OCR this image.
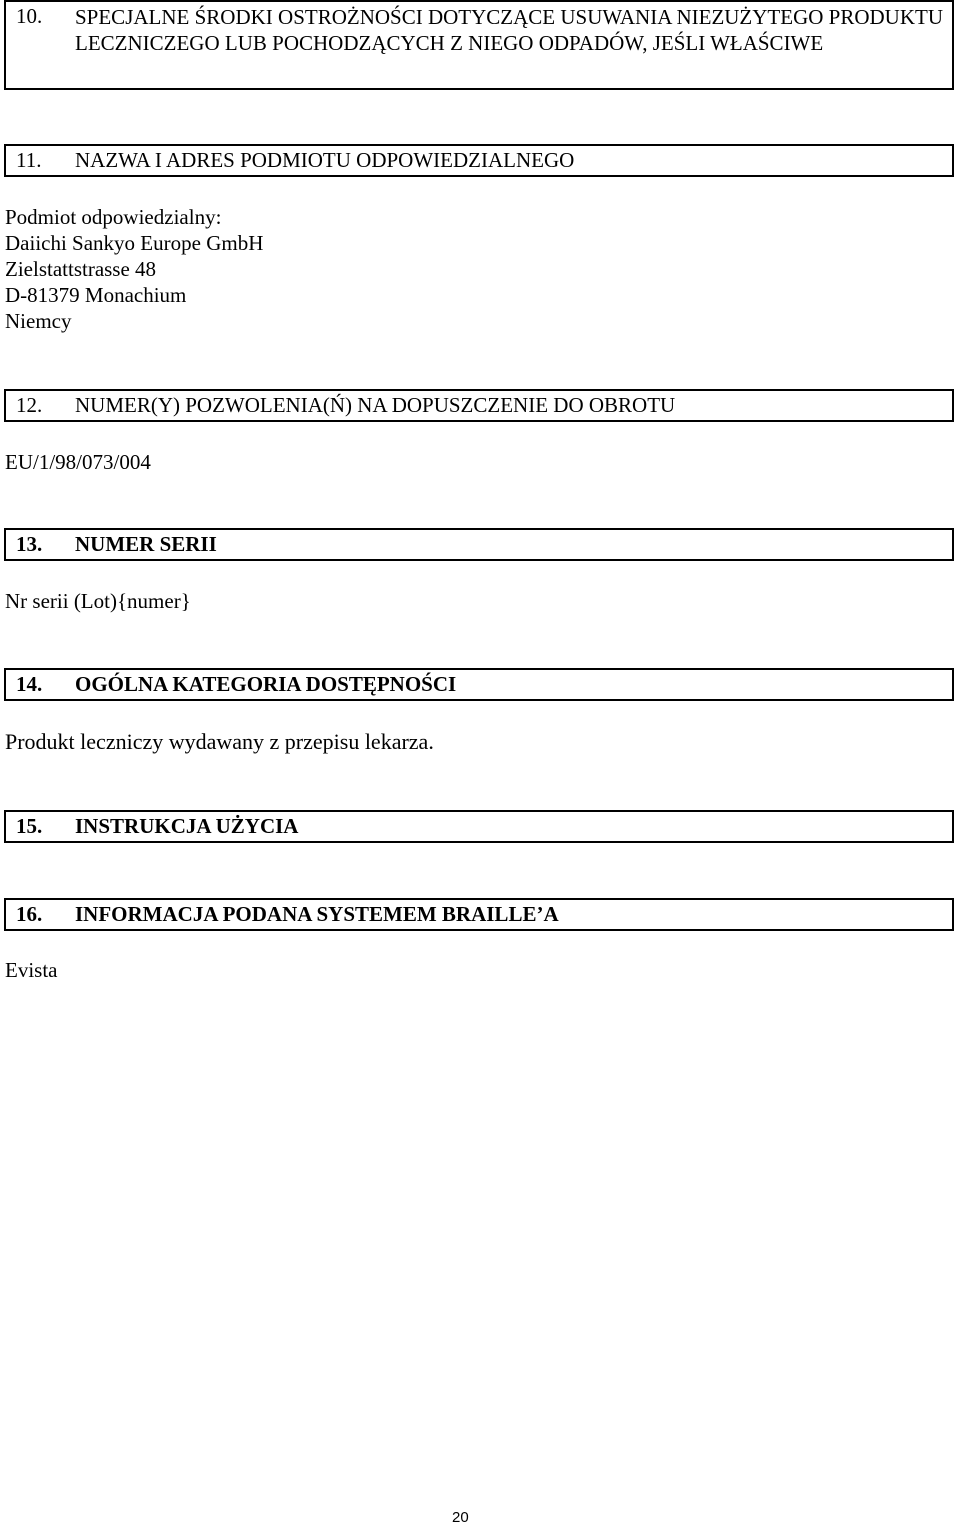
10. SPECJALNE ŚRODKI OSTROŻNOŚCI DOTYCZĄCE USUWANIA NIEZUŻYTEGO PRODUKTU LECZNICZEGO LUB POCHODZĄCYCH Z NIEGO ODPADÓW, JEŚLI WŁAŚCIWE
11. NAZWA I ADRES PODMIOTU ODPOWIEDZIALNEGO
Podmiot odpowiedzialny:
Daiichi Sankyo Europe GmbH
Zielstattstrasse 48
D-81379 Monachium
Niemcy
12. NUMER(Y) POZWOLENIA(Ń) NA DOPUSZCZENIE DO OBROTU
EU/1/98/073/004
13. NUMER SERII
Nr serii (Lot){numer}
14. OGÓLNA KATEGORIA DOSTĘPNOŚCI
Produkt leczniczy wydawany z przepisu lekarza.
15. INSTRUKCJA UŻYCIA
16. INFORMACJA PODANA SYSTEMEM BRAILLE’A
Evista
20
